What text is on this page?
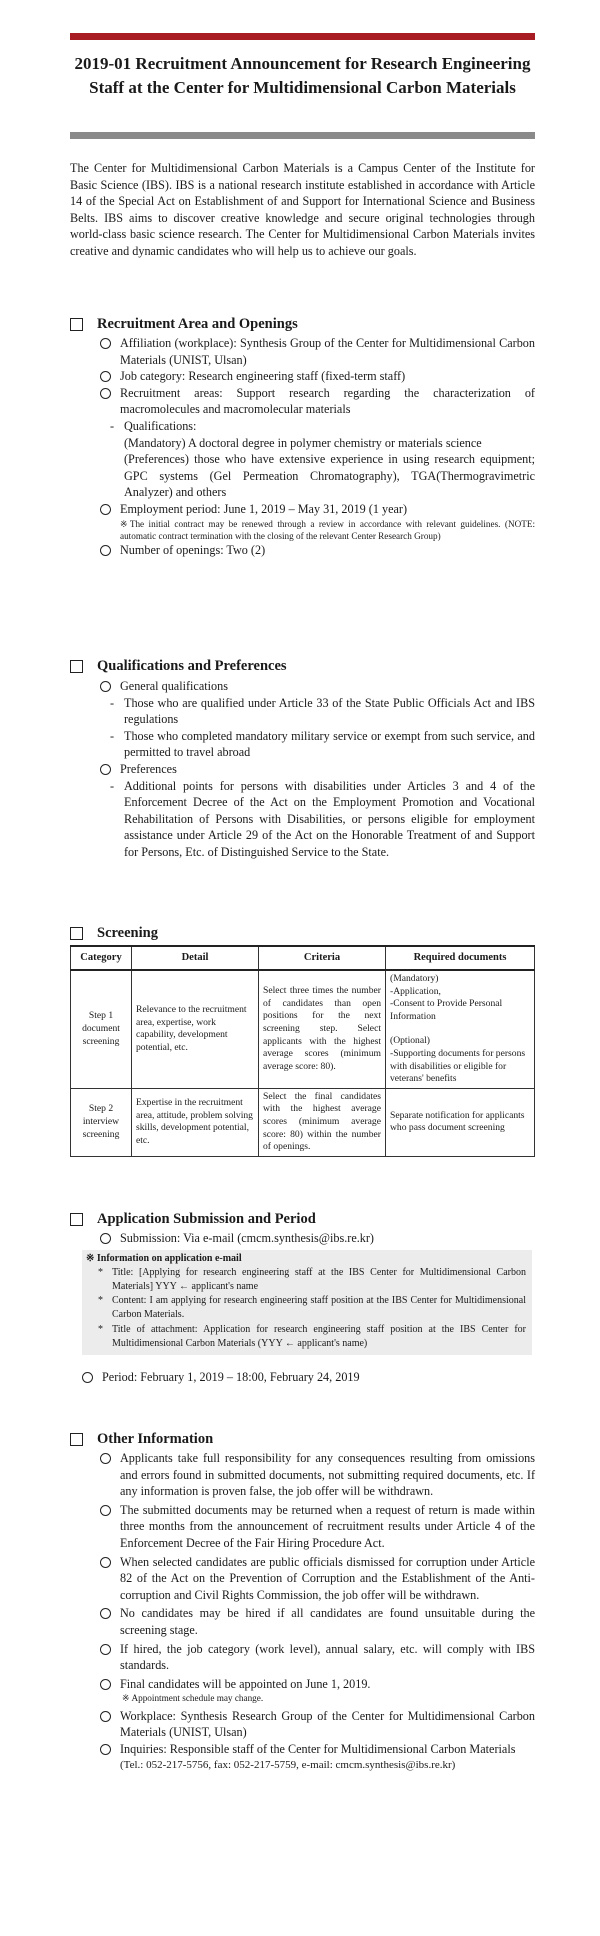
2019-01 Recruitment Announcement for Research Engineering Staff at the Center for Multidimensional Carbon Materials

The Center for Multidimensional Carbon Materials is a Campus Center of the Institute for Basic Science (IBS). IBS is a national research institute established in accordance with Article 14 of the Special Act on Establishment of and Support for International Science and Business Belts. IBS aims to discover creative knowledge and secure original technologies through world-class basic science research. The Center for Multidimensional Carbon Materials invites creative and dynamic candidates who will help us to achieve our goals.

Recruitment Area and Openings
Affiliation (workplace): Synthesis Group of the Center for Multidimensional Carbon Materials (UNIST, Ulsan)
Job category: Research engineering staff (fixed-term staff)
Recruitment areas: Support research regarding the characterization of macromolecules and macromolecular materials
- Qualifications:
(Mandatory) A doctoral degree in polymer chemistry or materials science
(Preferences) those who have extensive experience in using research equipment; GPC systems (Gel Permeation Chromatography), TGA(Thermogravimetric Analyzer) and others
Employment period: June 1, 2019 – May 31, 2019 (1 year)
※The initial contract may be renewed through a review in accordance with relevant guidelines. (NOTE: automatic contract termination with the closing of the relevant Center Research Group)
Number of openings: Two (2)
Qualifications and Preferences
General qualifications
- Those who are qualified under Article 33 of the State Public Officials Act and IBS regulations
- Those who completed mandatory military service or exempt from such service, and permitted to travel abroad
Preferences
- Additional points for persons with disabilities under Articles 3 and 4 of the Enforcement Decree of the Act on the Employment Promotion and Vocational Rehabilitation of Persons with Disabilities, or persons eligible for employment assistance under Article 29 of the Act on the Honorable Treatment of and Support for Persons, Etc. of Distinguished Service to the State.
Screening
Category	Detail	Criteria	Required documents
Step 1 document screening	Relevance to the recruitment area, expertise, work capability, development potential, etc.	Select three times the number of candidates than open positions for the next screening step. Select applicants with the highest average scores (minimum average score: 80).	(Mandatory)
-Application,
-Consent to Provide Personal Information
(Optional)
-Supporting documents for persons with disabilities or eligible for veterans' benefits

Step 2 interview screening	Expertise in the recruitment area, attitude, problem solving skills, development potential, etc.	Select the final candidates with the highest average scores (minimum average score: 80) within the number of openings.	Separate notification for applicants who pass document screening
Application Submission and Period
Submission: Via e-mail (cmcm.synthesis@ibs.re.kr)
※ Information on application e-mail
* Title: [Applying for research engineering staff at the IBS Center for Multidimensional Carbon Materials] YYY ← applicant's name
* Content: I am applying for research engineering staff position at the IBS Center for Multidimensional Carbon Materials.
* Title of attachment: Application for research engineering staff position at the IBS Center for Multidimensional Carbon Materials (YYY ← applicant's name)
Period: February 1, 2019 – 18:00, February 24, 2019
Other Information
Applicants take full responsibility for any consequences resulting from omissions and errors found in submitted documents, not submitting required documents, etc. If any information is proven false, the job offer will be withdrawn.
The submitted documents may be returned when a request of return is made within three months from the announcement of recruitment results under Article 4 of the Enforcement Decree of the Fair Hiring Procedure Act.
When selected candidates are public officials dismissed for corruption under Article 82 of the Act on the Prevention of Corruption and the Establishment of the Anti-corruption and Civil Rights Commission, the job offer will be withdrawn.
No candidates may be hired if all candidates are found unsuitable during the screening stage.
If hired, the job category (work level), annual salary, etc. will comply with IBS standards.
Final candidates will be appointed on June 1, 2019.
※ Appointment schedule may change.
Workplace: Synthesis Research Group of the Center for Multidimensional Carbon Materials (UNIST, Ulsan)
Inquiries: Responsible staff of the Center for Multidimensional Carbon Materials
(Tel.: 052-217-5756, fax: 052-217-5759, e-mail: cmcm.synthesis@ibs.re.kr)
